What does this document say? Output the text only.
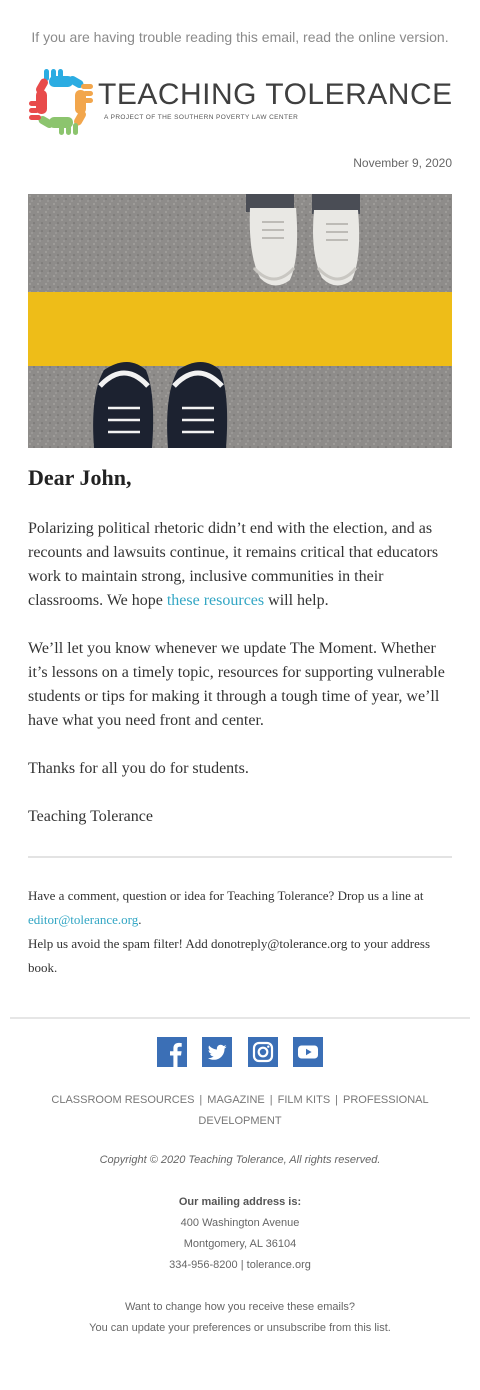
If you are having trouble reading this email, read the online version.
TEACHING TOLERANCE
A PROJECT OF THE SOUTHERN POVERTY LAW CENTER
November 9, 2020
Dear John,

Polarizing political rhetoric didn’t end with the election, and as recounts and lawsuits continue, it remains critical that educators work to maintain strong, inclusive communities in their classrooms. We hope these resources will help.

We’ll let you know whenever we update The Moment. Whether it’s lessons on a timely topic, resources for supporting vulnerable students or tips for making it through a tough time of year, we’ll have what you need front and center.

Thanks for all you do for students.

Teaching Tolerance

Have a comment, question or idea for Teaching Tolerance? Drop us a line at editor@tolerance.org.

Help us avoid the spam filter! Add donotreply@tolerance.org to your address book.

CLASSROOM RESOURCES | MAGAZINE | FILM KITS | PROFESSIONAL DEVELOPMENT

Copyright © 2020 Teaching Tolerance, All rights reserved.

Our mailing address is:
400 Washington Avenue
Montgomery, AL 36104
334-956-8200 | tolerance.org
Want to change how you receive these emails?
You can update your preferences or unsubscribe from this list.
